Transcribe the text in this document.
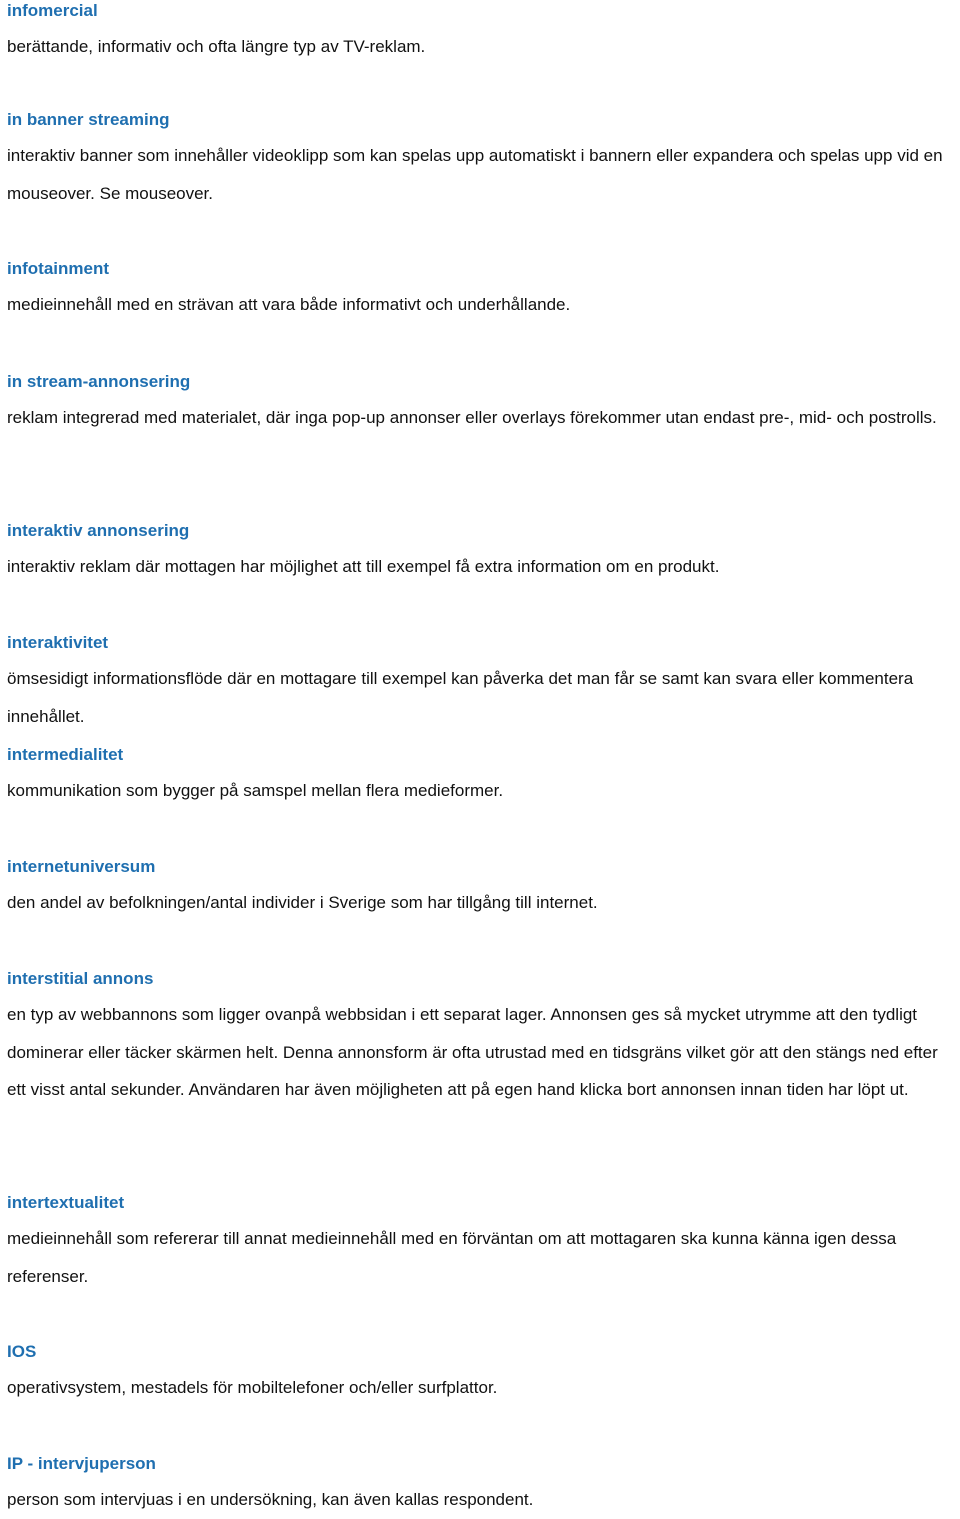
infomercial
berättande, informativ och ofta längre typ av TV-reklam.
in banner streaming
interaktiv banner som innehåller videoklipp som kan spelas upp automatiskt i bannern eller expandera och spelas upp vid en mouseover. Se mouseover.
infotainment
medieinnehåll med en strävan att vara både informativt och underhållande.
in stream-annonsering
reklam integrerad med materialet, där inga pop-up annonser eller overlays förekommer utan endast pre-, mid- och postrolls.
interaktiv annonsering
interaktiv reklam där mottagen har möjlighet att till exempel få extra information om en produkt.
interaktivitet
ömsesidigt informationsflöde där en mottagare till exempel kan påverka det man får se samt kan svara eller kommentera innehållet.
intermedialitet
kommunikation som bygger på samspel mellan flera medieformer.
internetuniversum
den andel av befolkningen/antal individer i Sverige som har tillgång till internet.
interstitial annons
en typ av webbannons som ligger ovanpå webbsidan i ett separat lager. Annonsen ges så mycket utrymme att den tydligt dominerar eller täcker skärmen helt. Denna annonsform är ofta utrustad med en tidsgräns vilket gör att den stängs ned efter ett visst antal sekunder. Användaren har även möjligheten att på egen hand klicka bort annonsen innan tiden har löpt ut.
intertextualitet
medieinnehåll som refererar till annat medieinnehåll med en förväntan om att mottagaren ska kunna känna igen dessa referenser.
IOS
operativsystem, mestadels för mobiltelefoner och/eller surfplattor.
IP - intervjuperson
person som intervjuas i en undersökning, kan även kallas respondent.
